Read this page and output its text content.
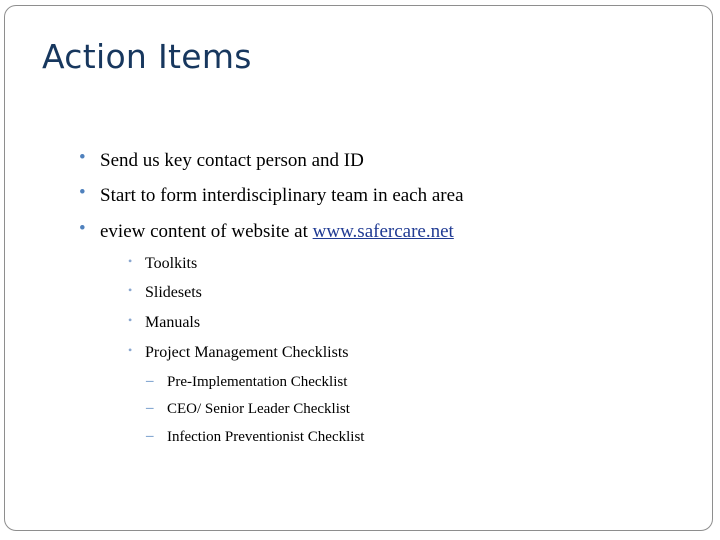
Action Items
• Send us key contact person and ID
• Start to form interdisciplinary team in each area
• eview content of website at www.safercare.net
• Toolkits
• Slidesets
• Manuals
• Project Management Checklists
– Pre-Implementation Checklist
– CEO/ Senior Leader Checklist
– Infection Preventionist Checklist
